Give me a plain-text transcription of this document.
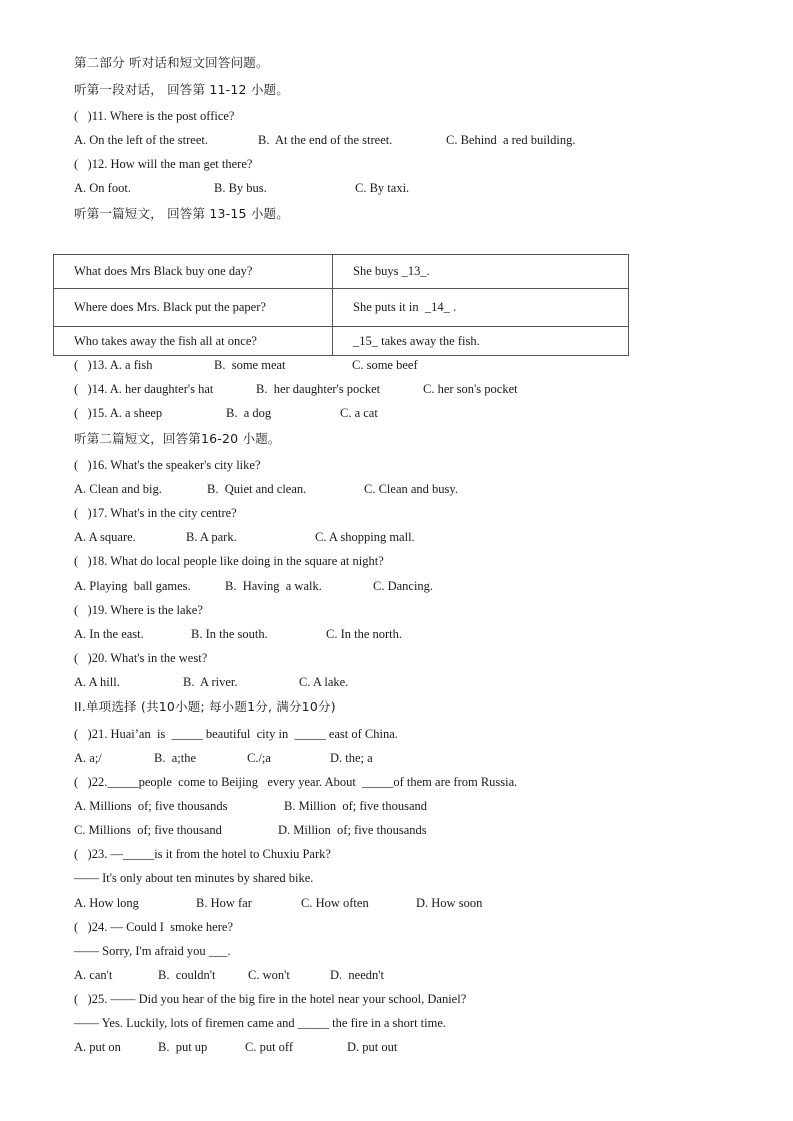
第二部分 听对话和短文回答问题。
听第一段对话， 回答第 11-12 小题。
(   )11. Where is the post office?
A. On the left of the street.	B.  At the end of the street.	C. Behind  a red building.
(   )12. How will the man get there?
A. On foot.	B. By bus.	C. By taxi.
听第一篇短文， 回答第 13-15 小题。
What does Mrs Black buy one day?	She buys _13_.
Where does Mrs. Black put the paper?	She puts it in  _14_ .
Who takes away the fish all at once?	_15_ takes away the fish.
(   )13. A. a fish	B.  some meat	C. some beef
(   )14. A. her daughter's hat	B.  her daughter's pocket	C. her son's pocket
(   )15. A. a sheep	B.  a dog	C. a cat
听第二篇短文，回答第16-20 小题。
(   )16. What's the speaker's city like?
A. Clean and big.	B.  Quiet and clean.	C. Clean and busy.
(   )17. What's in the city centre?
A. A square.	B. A park.	C. A shopping mall.
(   )18. What do local people like doing in the square at night?
A. Playing  ball games.	B.  Having  a walk.	C. Dancing.
(   )19. Where is the lake?
A. In the east.	B. In the south.	C. In the north.
(   )20. What's in the west?
A. A hill.	B.  A river.	C. A lake.
II.单项选择 (共10小题; 每小题1分, 满分10分)
(   )21. Huai’an  is  _____ beautiful  city in  _____ east of China.
A. a;/	B.  a;the	C./;a	D. the; a
(   )22._____people  come to Beijing   every year. About  _____of them are from Russia.
A. Millions  of; five thousands	B. Million  of; five thousand
C. Millions  of; five thousand	D. Million  of; five thousands
(   )23. —_____is it from the hotel to Chuxiu Park?
—— It's only about ten minutes by shared bike.
A. How long	B. How far	C. How often	D. How soon
(   )24. — Could I  smoke here?
—— Sorry, I'm afraid you ___.
A. can't	B.  couldn't	C. won't	D.  needn't
(   )25. —— Did you hear of the big fire in the hotel near your school, Daniel?
—— Yes. Luckily, lots of firemen came and _____ the fire in a short time.
A. put on	B.  put up	C. put off	D. put out
